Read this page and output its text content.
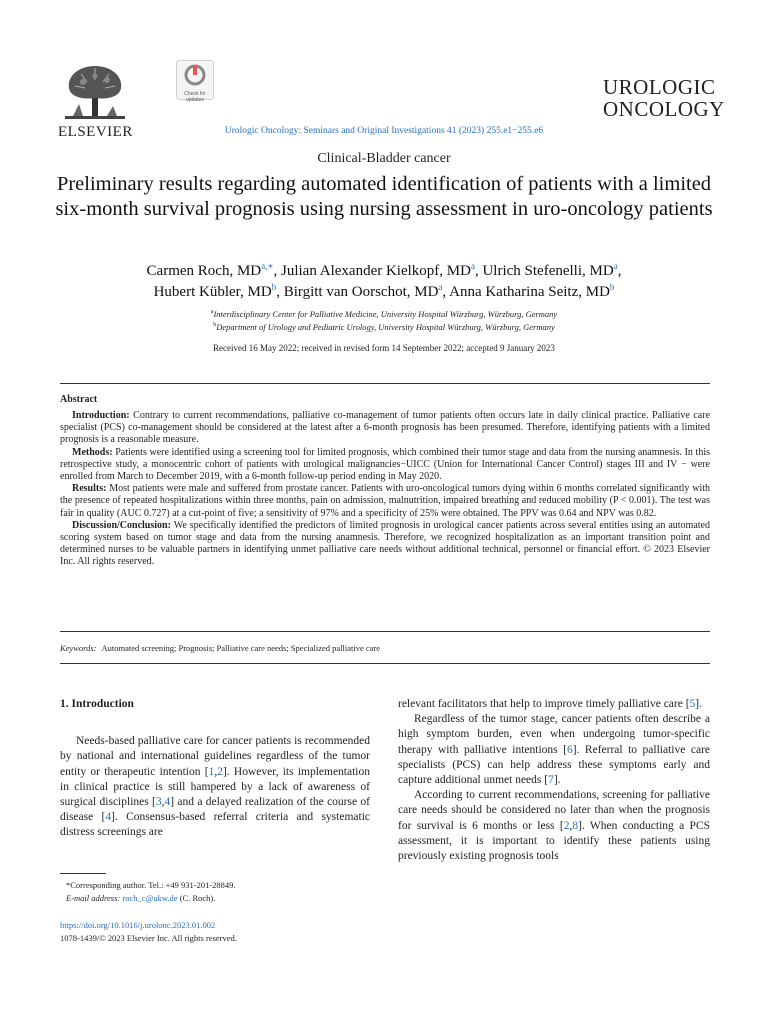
ELSEVIER
Check for updates
Urologic Oncology: Seminars and Original Investigations 41 (2023) 255.e1−255.e6
UROLOGIC
ONCOLOGY
Clinical-Bladder cancer
Preliminary results regarding automated identification of patients with a limited six-month survival prognosis using nursing assessment in uro-oncology patients
Carmen Roch, $MD^{a,∗}$, Julian Alexander Kielkopf, $MD^a$, Ulrich Stefenelli, $MD^a$,
Hubert Kübler, $MD^b$, Birgitt van Oorschot, $MD^a$, Anna Katharina Seitz, $MD^b$
$^a$Interdisciplinary Center for Palliative Medicine, University Hospital Würzburg, Würzburg, Germany
$^b$Department of Urology and Pediatric Urology, University Hospital Würzburg, Würzburg, Germany
Received 16 May 2022; received in revised form 14 September 2022; accepted 9 January 2023
Abstract

Introduction: Contrary to current recommendations, palliative co-management of tumor patients often occurs late in daily clinical practice. Palliative care specialist (PCS) co-management should be considered at the latest after a 6-month prognosis has been presumed. Therefore, identifying patients with a limited prognosis is a reasonable measure.

Methods: Patients were identified using a screening tool for limited prognosis, which combined their tumor stage and data from the nursing anamnesis. In this retrospective study, a monocentric cohort of patients with urological malignancies−UICC (Union for International Cancer Control) stages III and IV − were enrolled from March to December 2019, with a 6-month follow-up period ending in May 2020.

Results: Most patients were male and suffered from prostate cancer. Patients with uro-oncological tumors dying within 6 months correlated significantly with the presence of repeated hospitalizations within three months, pain on admission, malnutrition, impaired breathing and reduced mobility (P < 0.001). The test was fair in quality (AUC 0.727) at a cut-point of five; a sensitivity of 97% and a specificity of 25% were obtained. The PPV was 0.64 and NPV was 0.82.

Discussion/Conclusion: We specifically identified the predictors of limited prognosis in urological cancer patients across several entities using an automated scoring system based on tumor stage and data from the nursing anamnesis. Therefore, we recognized hospitalization as an important transition point and determined nurses to be valuable partners in identifying unmet palliative care needs without additional technical, personnel or financial effort. © 2023 Elsevier Inc. All rights reserved.

Keywords: Automated screening; Prognosis; Palliative care needs; Specialized palliative care
1. Introduction

Needs-based palliative care for cancer patients is recommended by national and international guidelines regardless of the tumor entity or therapeutic intention [1,2]. However, its implementation in clinical practice is still hampered by a lack of awareness of surgical disciplines [3,4] and a delayed realization of the course of disease [4]. Consensus-based referral criteria and systematic distress screenings are

relevant facilitators that help to improve timely palliative care [5].

Regardless of the tumor stage, cancer patients often describe a high symptom burden, even when undergoing tumor-specific therapy with palliative intentions [6]. Referral to palliative care specialists (PCS) can help address these symptoms early and capture additional unmet needs [7].

According to current recommendations, screening for palliative care needs should be considered no later than when the prognosis for survival is 6 months or less [2,8]. When conducting a PCS assessment, it is important to identify these patients using previously existing prognosis tools

*Corresponding author. Tel.: +49 931-201-28849.
E-mail address: roch_c@ukw.de (C. Roch).
https://doi.org/10.1016/j.urolonc.2023.01.002
1078-1439/© 2023 Elsevier Inc. All rights reserved.
